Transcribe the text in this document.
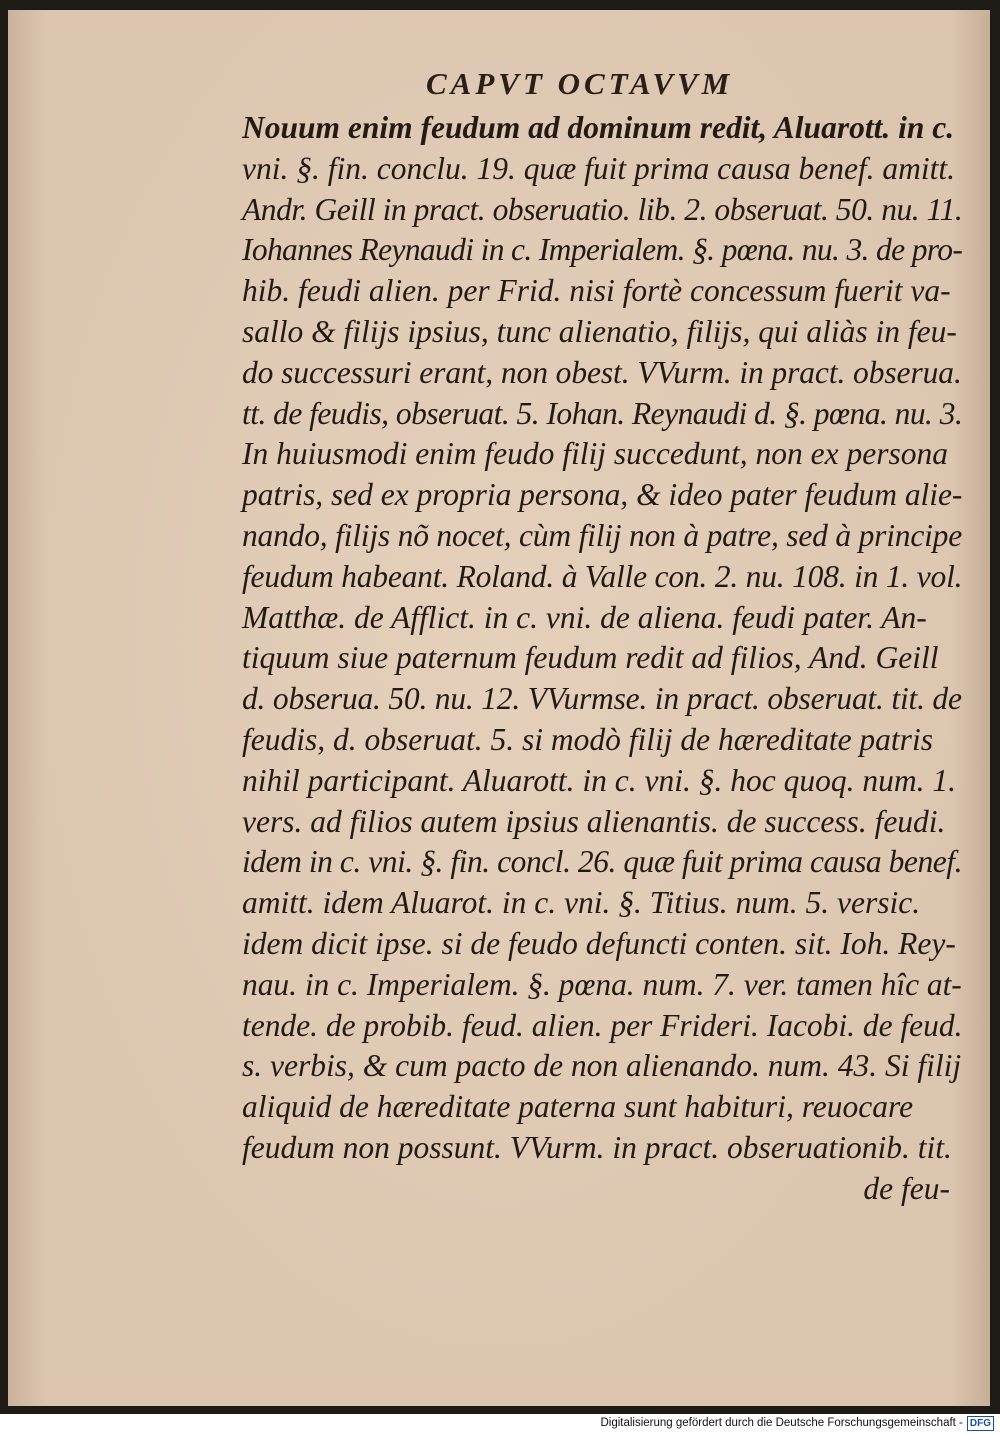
CAPVT OCTAVVM
Nouum enim feudum ad dominum redit, Aluarott. in c.
vni. §. fin. conclu. 19. quæ fuit prima causa benef. amitt.
Andr. Geill in pract. obseruatio. lib. 2. obseruat. 50. nu. 11.
Iohannes Reynaudi in c. Imperialem. §. pœna. nu. 3. de pro-
hib. feudi alien. per Frid. nisi fortè concessum fuerit va-
sallo & filijs ipsius, tunc alienatio, filijs, qui aliàs in feu-
do successuri erant, non obest. VVurm. in pract. obserua.
tt. de feudis, obseruat. 5. Iohan. Reynaudi d. §. pœna. nu. 3.
In huiusmodi enim feudo filij succedunt, non ex persona
patris, sed ex propria persona, & ideo pater feudum alie-
nando, filijs nõ nocet, cùm filij non à patre, sed à principe
feudum habeant. Roland. à Valle con. 2. nu. 108. in 1. vol.
Matthæ. de Afflict. in c. vni. de aliena. feudi pater. An-
tiquum siue paternum feudum redit ad filios, And. Geill
d. obserua. 50. nu. 12. VVurmse. in pract. obseruat. tit. de
feudis, d. obseruat. 5. si modò filij de hæreditate patris
nihil participant. Aluarott. in c. vni. §. hoc quoq. num. 1.
vers. ad filios autem ipsius alienantis. de success. feudi.
idem in c. vni. §. fin. concl. 26. quæ fuit prima causa benef.
amitt. idem Aluarot. in c. vni. §. Titius. num. 5. versic.
idem dicit ipse. si de feudo defuncti conten. sit. Ioh. Rey-
nau. in c. Imperialem. §. pœna. num. 7. ver. tamen hîc at-
tende. de probib. feud. alien. per Frideri. Iacobi. de feud.
s. verbis, & cum pacto de non alienando. num. 43. Si filij
aliquid de hæreditate paterna sunt habituri, reuocare
feudum non possunt. VVurm. in pract. obseruationib. tit.
de feu-
Digitalisierung gefördert durch die Deutsche Forschungsgemeinschaft - DFG
